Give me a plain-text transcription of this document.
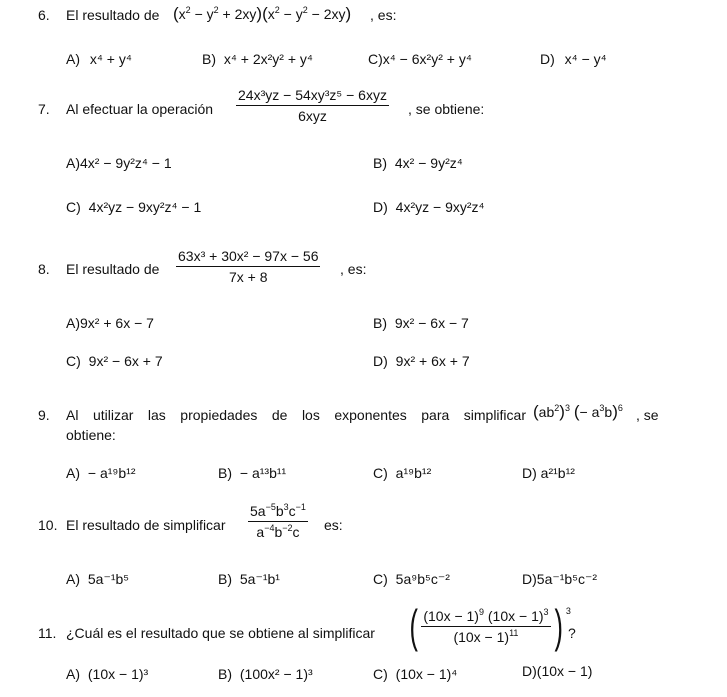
6. El resultado de $(x^2 - y^2 + 2xy)(x^2 - y^2 - 2xy)$ , es:
A) x⁴ + y⁴	B) x⁴ + 2x²y² + y⁴	C)x⁴ − 6x²y² + y⁴	D) x⁴ − y⁴
7. Al efectuar la operación $\frac{\text{24x³yz − 54xy³z⁵ − 6xyz}}{\text{6xyz}}$ , se obtiene:
A)4x² − 9y²z⁴ − 1	B) 4x² − 9y²z⁴
C) 4x²yz − 9xy²z⁴ − 1	D) 4x²yz − 9xy²z⁴
8. El resultado de $\frac{\text{63x³ + 30x² − 97x − 56}}{7x + 8}$ , es:
A)9x² + 6x − 7	B) 9x² − 6x − 7
C) 9x² − 6x + 7	D) 9x² + 6x + 7
9. Al utilizar las propiedades de los exponentes para simplificar $(ab^2)^3$ (− $a^3b)^6$ , se
obtiene:
A) − a¹⁹b¹²	B) − a¹³b¹¹	C) a¹⁹b¹²	D) a²¹b¹²
10. El resultado de simplificar $\frac{5a^{-5}b^3c^{-1}}{a^{-4}b^{-2}c}$ es:
A) 5a⁻¹b⁵	B) 5a⁻¹b¹	C) 5a⁹b⁵c⁻²	D)5a⁻¹b⁵c⁻²
11. ¿Cuál es el resultado que se obtiene al simplificar ( $\frac{(10x - 1)^9 (10x - 1)^3}{(10x - 1)^{11}}$ ) $^3$
?
A) (10x − 1)³	B) (100x² − 1)³	C) (10x − 1)⁴	D)(10x − 1)
